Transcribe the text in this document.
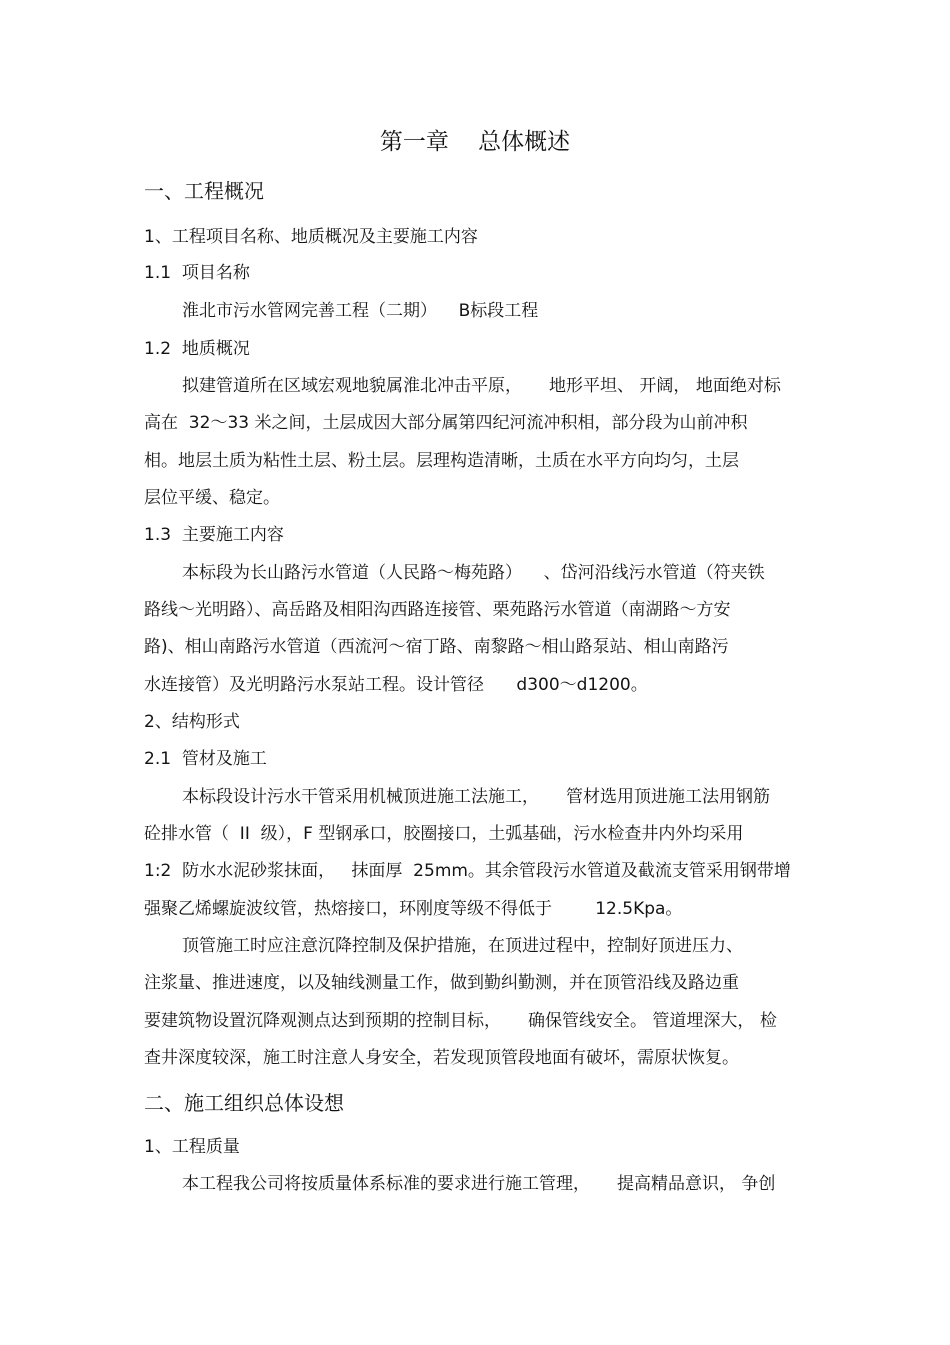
第一章    总体概述
一、工程概况
1、工程项目名称、地质概况及主要施工内容
1.1  项目名称
淮北市污水管网完善工程（二期）    B标段工程
1.2  地质概况
拟建管道所在区域宏观地貌属淮北冲击平原，     地形平坦、 开阔， 地面绝对标
高在  32～33 米之间，土层成因大部分属第四纪河流冲积相，部分段为山前冲积
相。地层土质为粘性土层、粉土层。层理构造清晰，土质在水平方向均匀，土层
层位平缓、稳定。
1.3  主要施工内容
本标段为长山路污水管道（人民路～梅苑路）    、岱河沿线污水管道（符夹铁
路线～光明路）、高岳路及相阳沟西路连接管、栗苑路污水管道（南湖路～方安
路)、相山南路污水管道（西流河～宿丁路、南黎路～相山路泵站、相山南路污
水连接管）及光明路污水泵站工程。设计管径      d300～d1200。
2、结构形式
2.1  管材及施工
本标段设计污水干管采用机械顶进施工法施工，     管材选用顶进施工法用钢筋
砼排水管（  II  级），F 型钢承口，胶圈接口，土弧基础，污水检查井内外均采用
1:2  防水水泥砂浆抹面，   抹面厚  25mm。其余管段污水管道及截流支管采用钢带增
强聚乙烯螺旋波纹管，热熔接口，环刚度等级不得低于        12.5Kpa。
顶管施工时应注意沉降控制及保护措施，在顶进过程中，控制好顶进压力、
注浆量、推进速度，以及轴线测量工作，做到勤纠勤测，并在顶管沿线及路边重
要建筑物设置沉降观测点达到预期的控制目标，     确保管线安全。 管道埋深大， 检
查井深度较深，施工时注意人身安全，若发现顶管段地面有破坏，需原状恢复。
二、施工组织总体设想
1、工程质量
本工程我公司将按质量体系标准的要求进行施工管理，     提高精品意识， 争创
